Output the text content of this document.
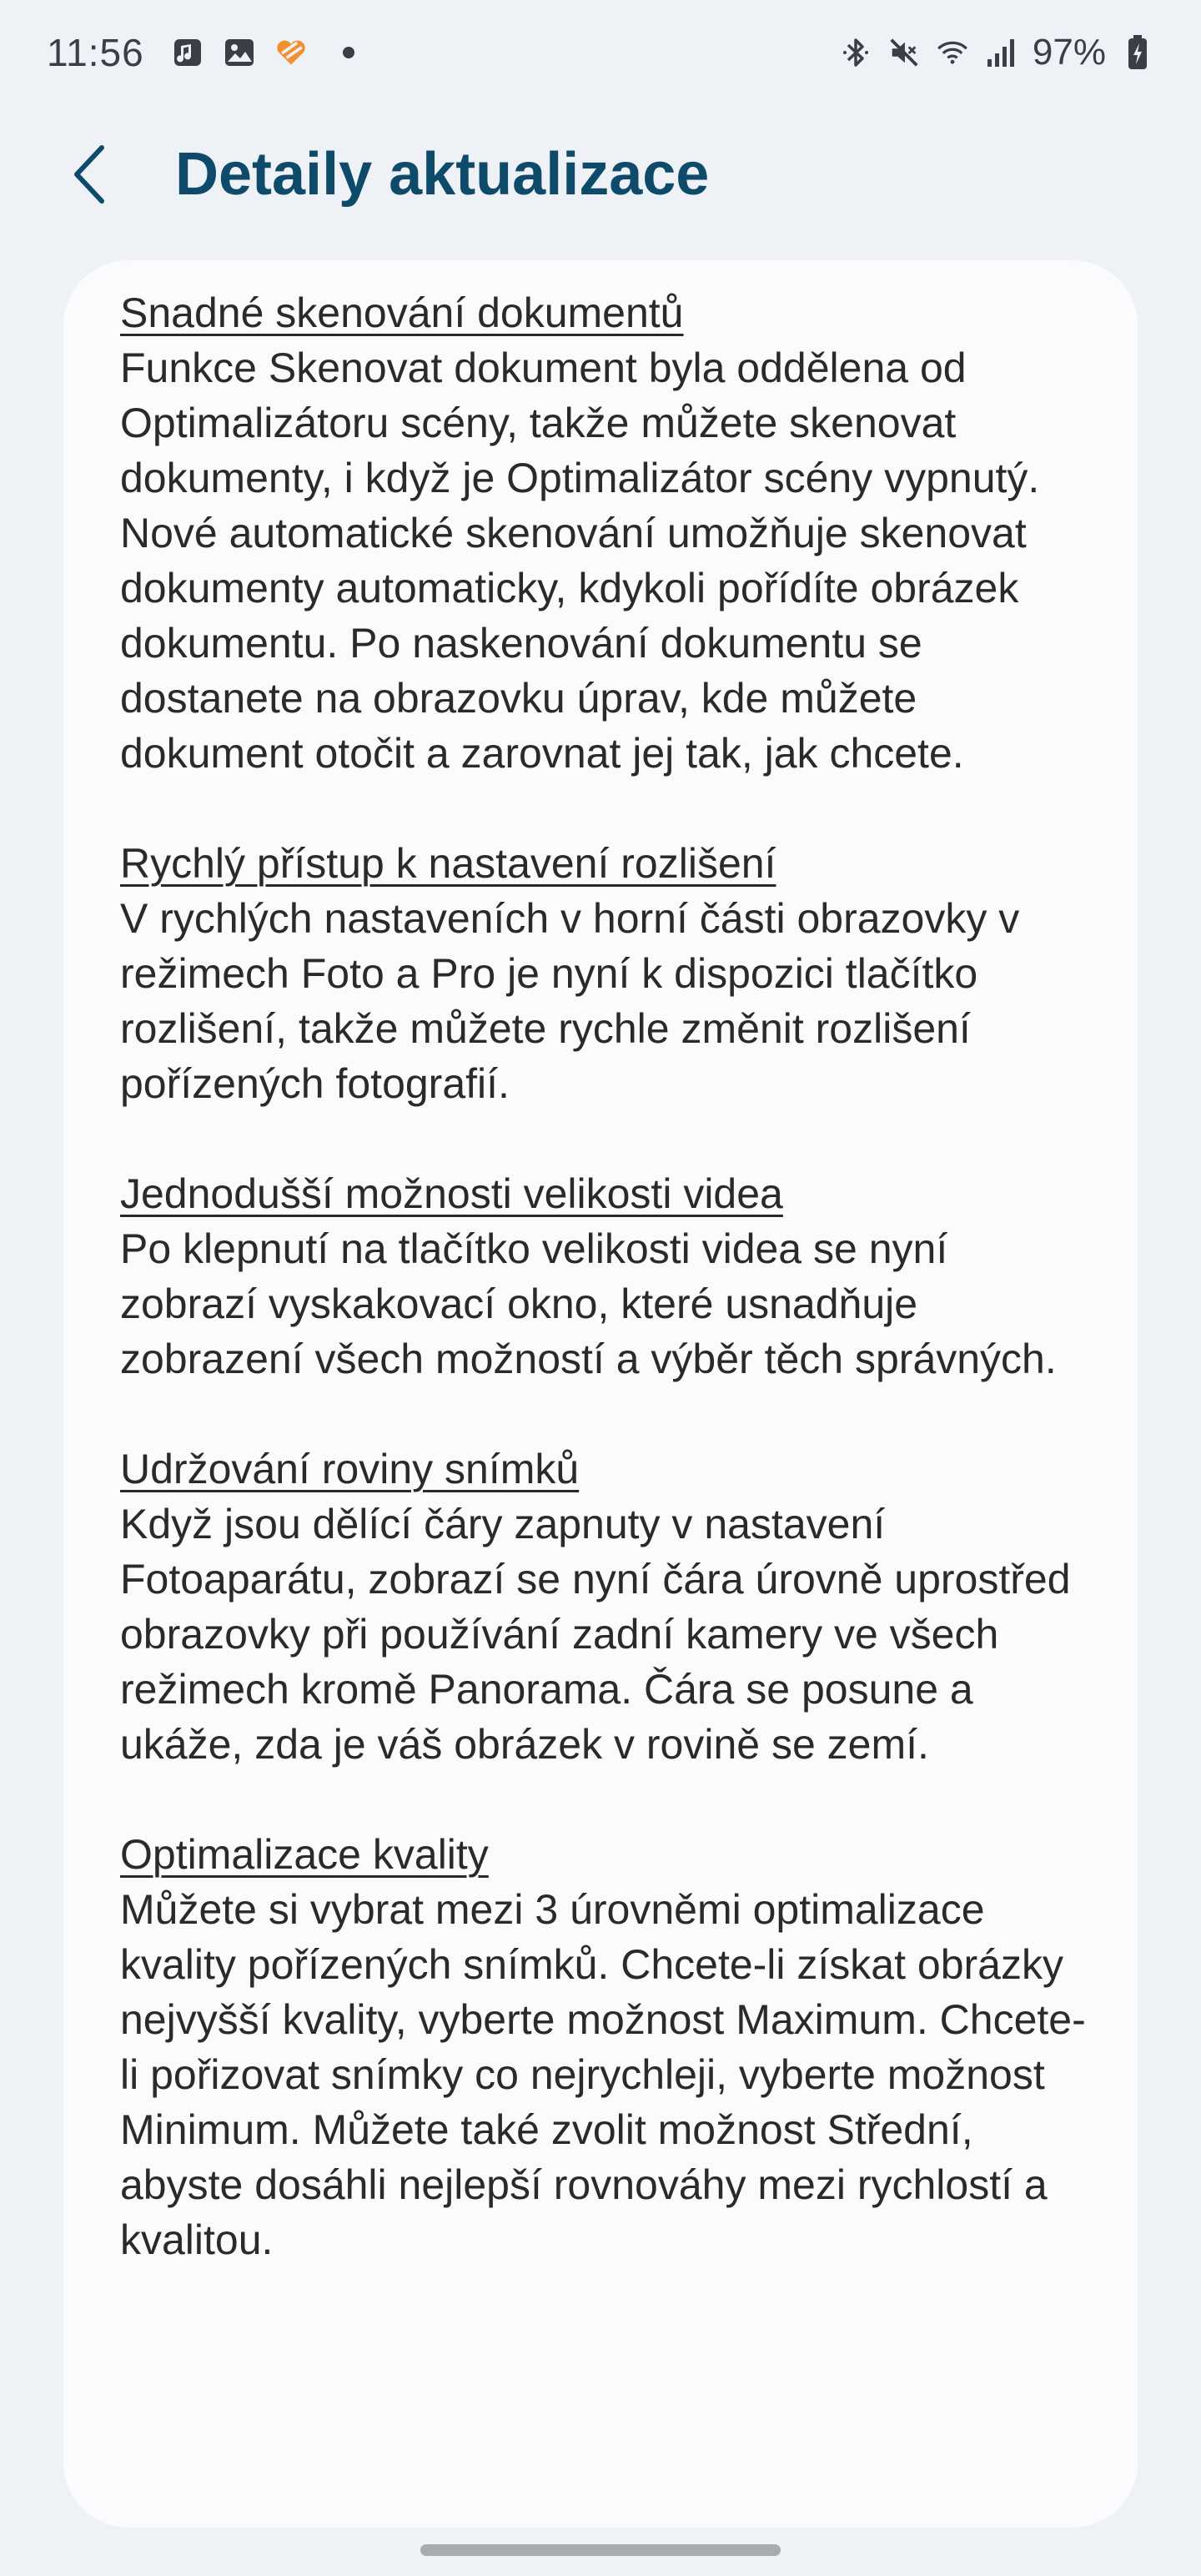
11:56	97%
Detaily aktualizace
Snadné skenování dokumentů
Funkce Skenovat dokument byla oddělena od Optimalizátoru scény, takže můžete skenovat dokumenty, i když je Optimalizátor scény vypnutý. Nové automatické skenování umožňuje skenovat dokumenty automaticky, kdykoli pořídíte obrázek dokumentu. Po naskenování dokumentu se dostanete na obrazovku úprav, kde můžete dokument otočit a zarovnat jej tak, jak chcete.
Rychlý přístup k nastavení rozlišení
V rychlých nastaveních v horní části obrazovky v režimech Foto a Pro je nyní k dispozici tlačítko rozlišení, takže můžete rychle změnit rozlišení pořízených fotografií.
Jednodušší možnosti velikosti videa
Po klepnutí na tlačítko velikosti videa se nyní zobrazí vyskakovací okno, které usnadňuje zobrazení všech možností a výběr těch správných.
Udržování roviny snímků
Když jsou dělící čáry zapnuty v nastavení Fotoaparátu, zobrazí se nyní čára úrovně uprostřed obrazovky při používání zadní kamery ve všech režimech kromě Panorama. Čára se posune a ukáže, zda je váš obrázek v rovině se zemí.
Optimalizace kvality
Můžete si vybrat mezi 3 úrovněmi optimalizace kvality pořízených snímků. Chcete-li získat obrázky nejvyšší kvality, vyberte možnost Maximum. Chcete-li pořizovat snímky co nejrychleji, vyberte možnost Minimum. Můžete také zvolit možnost Střední, abyste dosáhli nejlepší rovnováhy mezi rychlostí a kvalitou.
